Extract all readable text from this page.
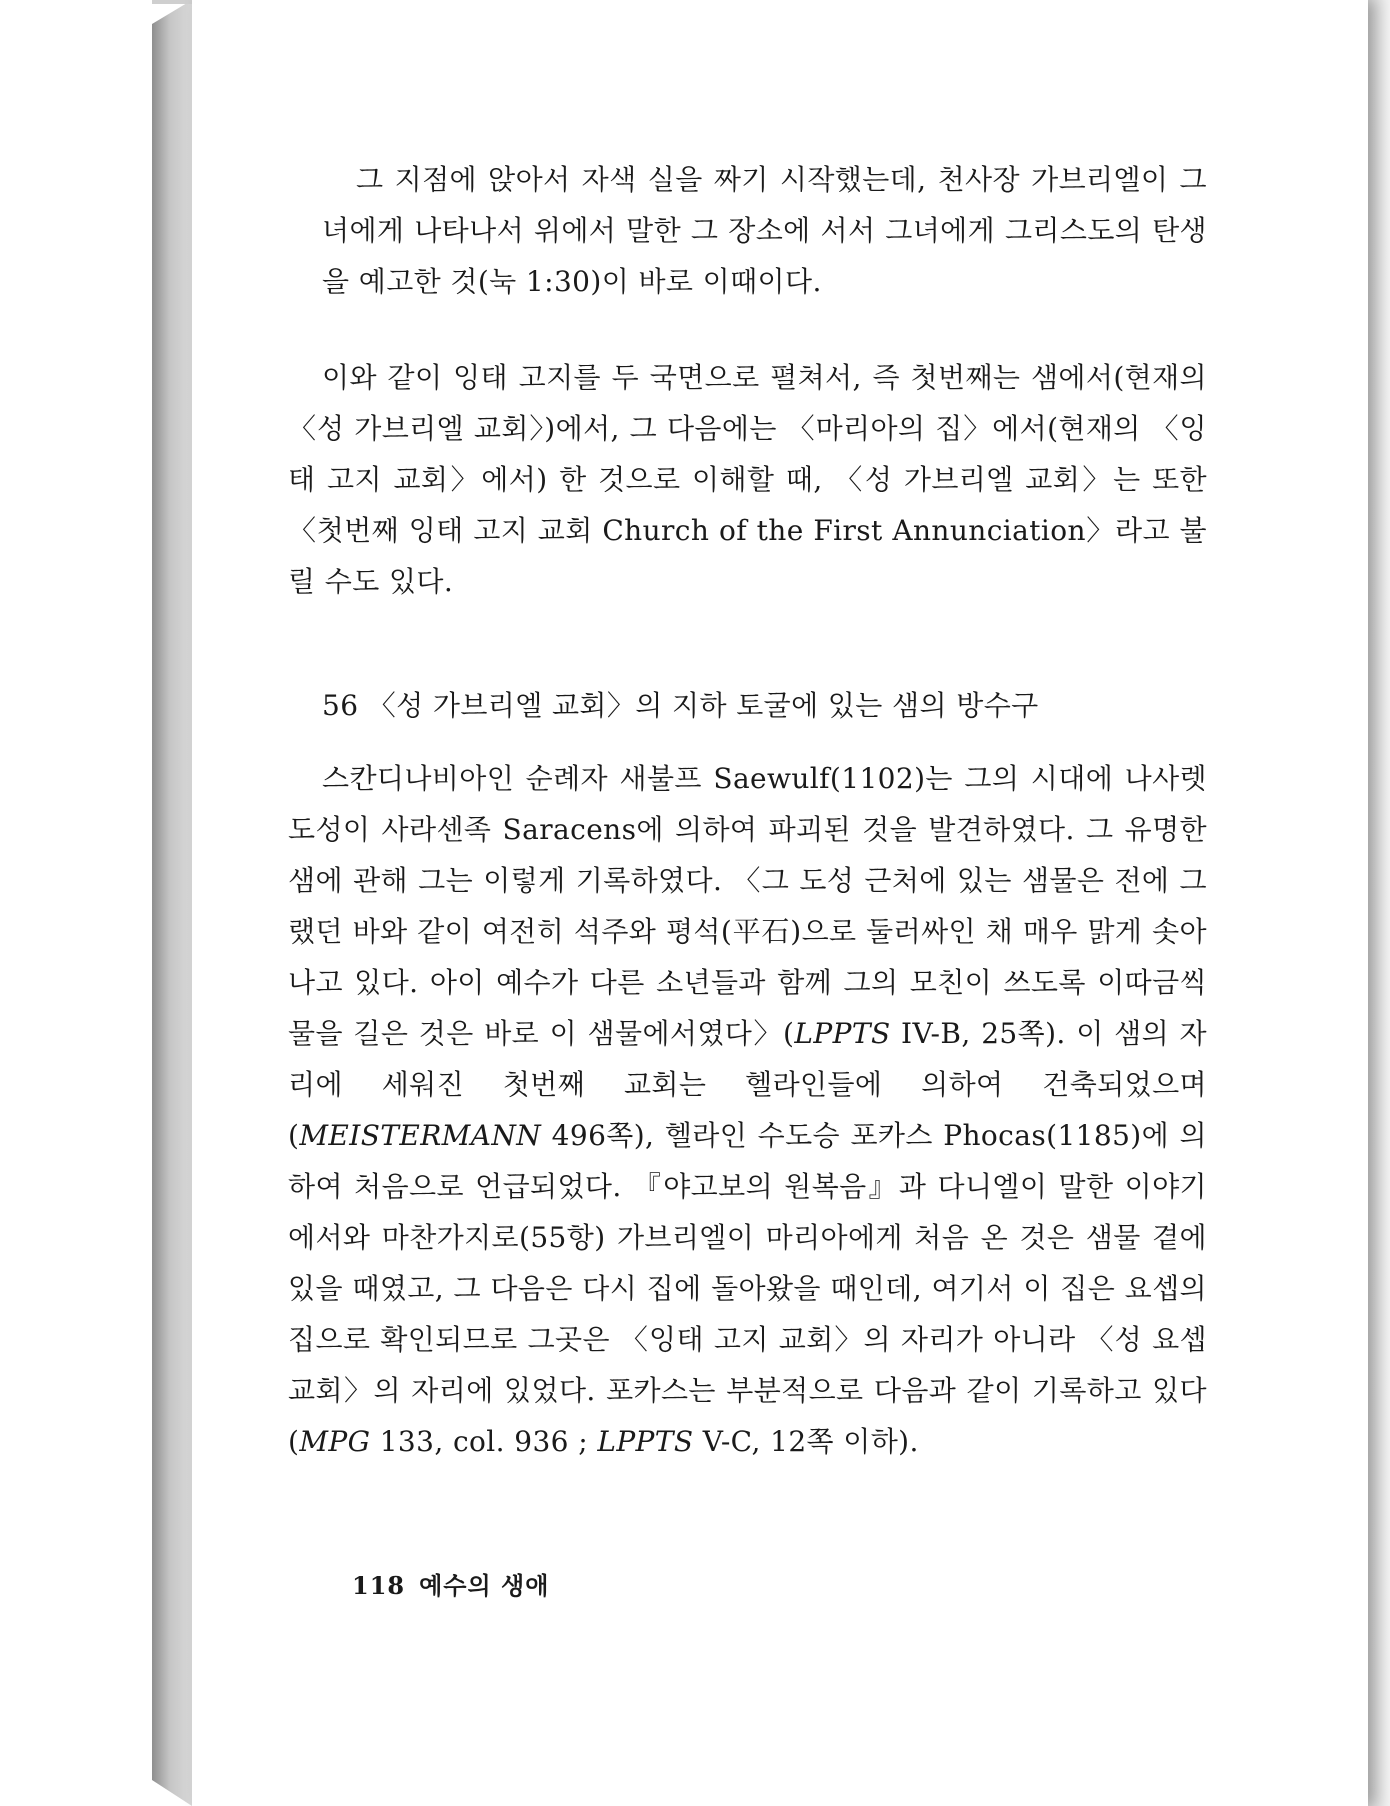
그 지점에 앉아서 자색 실을 짜기 시작했는데, 천사장 가브리엘이 그녀에게 나타나서 위에서 말한 그 장소에 서서 그녀에게 그리스도의 탄생을 예고한 것(눅 1:30)이 바로 이때이다.

이와 같이 잉태 고지를 두 국면으로 펼쳐서, 즉 첫번째는 샘에서(현재의 〈성 가브리엘 교회〉)에서, 그 다음에는 〈마리아의 집〉에서(현재의 〈잉태 고지 교회〉에서) 한 것으로 이해할 때, 〈성 가브리엘 교회〉는 또한 〈첫번째 잉태 고지 교회 Church of the First Annunciation〉라고 불릴 수도 있다.

56 〈성 가브리엘 교회〉의 지하 토굴에 있는 샘의 방수구

스칸디나비아인 순례자 새불프 Saewulf(1102)는 그의 시대에 나사렛 도성이 사라센족 Saracens에 의하여 파괴된 것을 발견하였다. 그 유명한 샘에 관해 그는 이렇게 기록하였다. 〈그 도성 근처에 있는 샘물은 전에 그랬던 바와 같이 여전히 석주와 평석(平石)으로 둘러싸인 채 매우 맑게 솟아나고 있다. 아이 예수가 다른 소년들과 함께 그의 모친이 쓰도록 이따금씩 물을 길은 것은 바로 이 샘물에서였다〉(LPPTS IV-B, 25쪽). 이 샘의 자리에 세워진 첫번째 교회는 헬라인들에 의하여 건축되었으며(MEISTERMANN 496쪽), 헬라인 수도승 포카스 Phocas(1185)에 의하여 처음으로 언급되었다. 『야고보의 원복음』과 다니엘이 말한 이야기에서와 마찬가지로(55항) 가브리엘이 마리아에게 처음 온 것은 샘물 곁에 있을 때였고, 그 다음은 다시 집에 돌아왔을 때인데, 여기서 이 집은 요셉의 집으로 확인되므로 그곳은 〈잉태 고지 교회〉의 자리가 아니라 〈성 요셉 교회〉의 자리에 있었다. 포카스는 부분적으로 다음과 같이 기록하고 있다 (MPG 133, col. 936 ; LPPTS V-C, 12쪽 이하).

118 예수의 생애
